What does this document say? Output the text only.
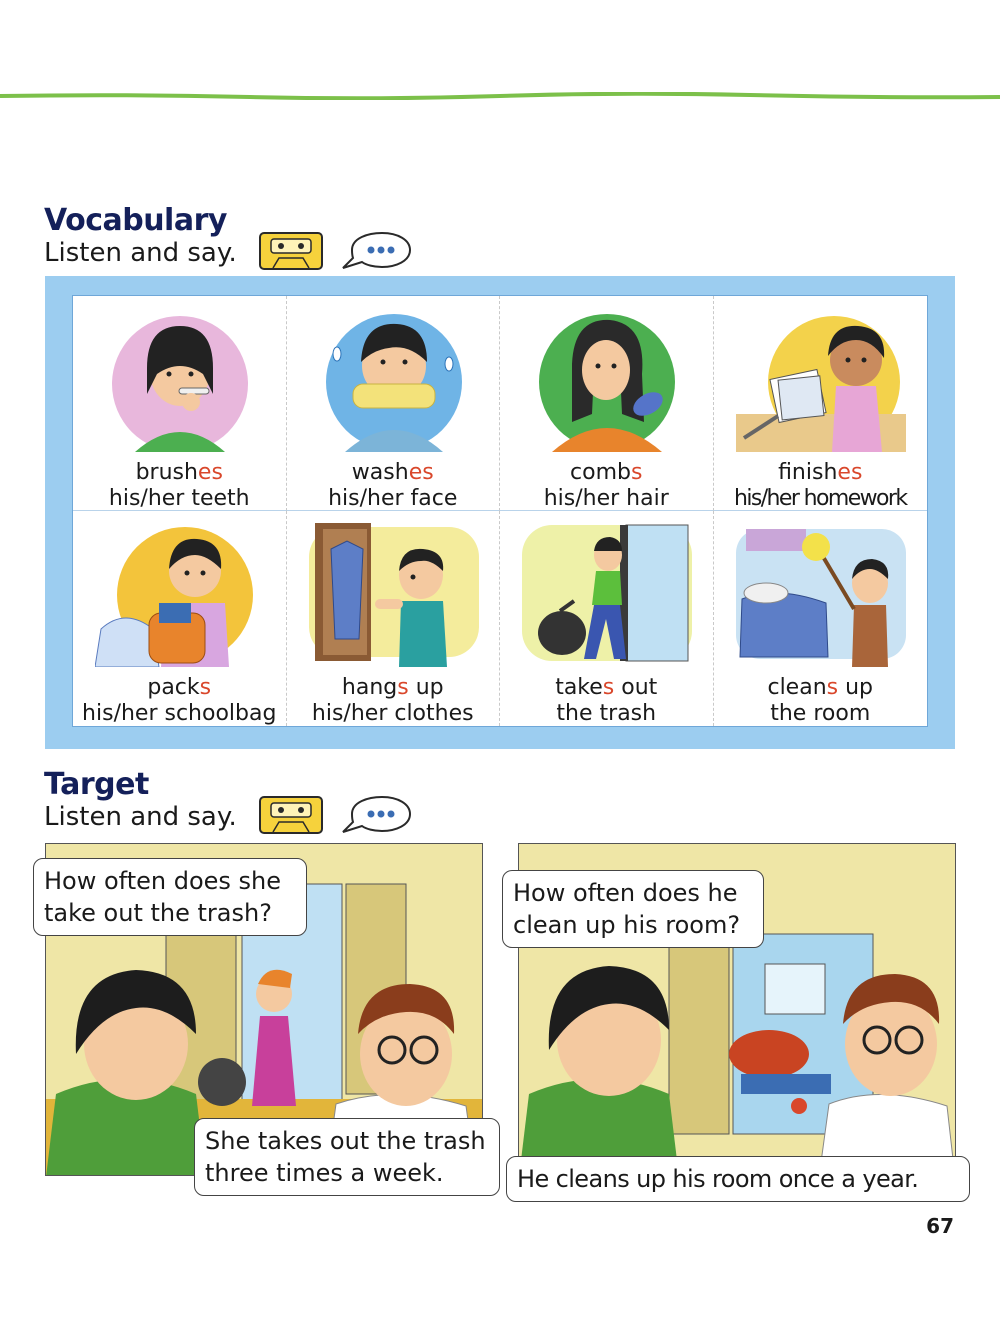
Vocabulary
Listen and say.
brushes
his/her teeth
washes
his/her face
combs
his/her hair
finishes
his/her homework
packs
his/her schoolbag
hangs up
his/her clothes
takes out
the trash
cleans up
the room
Target
Listen and say.
How often does she
take out the trash?
She takes out the trash
three times a week.
How often does he
clean up his room?
He cleans up his room once a year.
67
